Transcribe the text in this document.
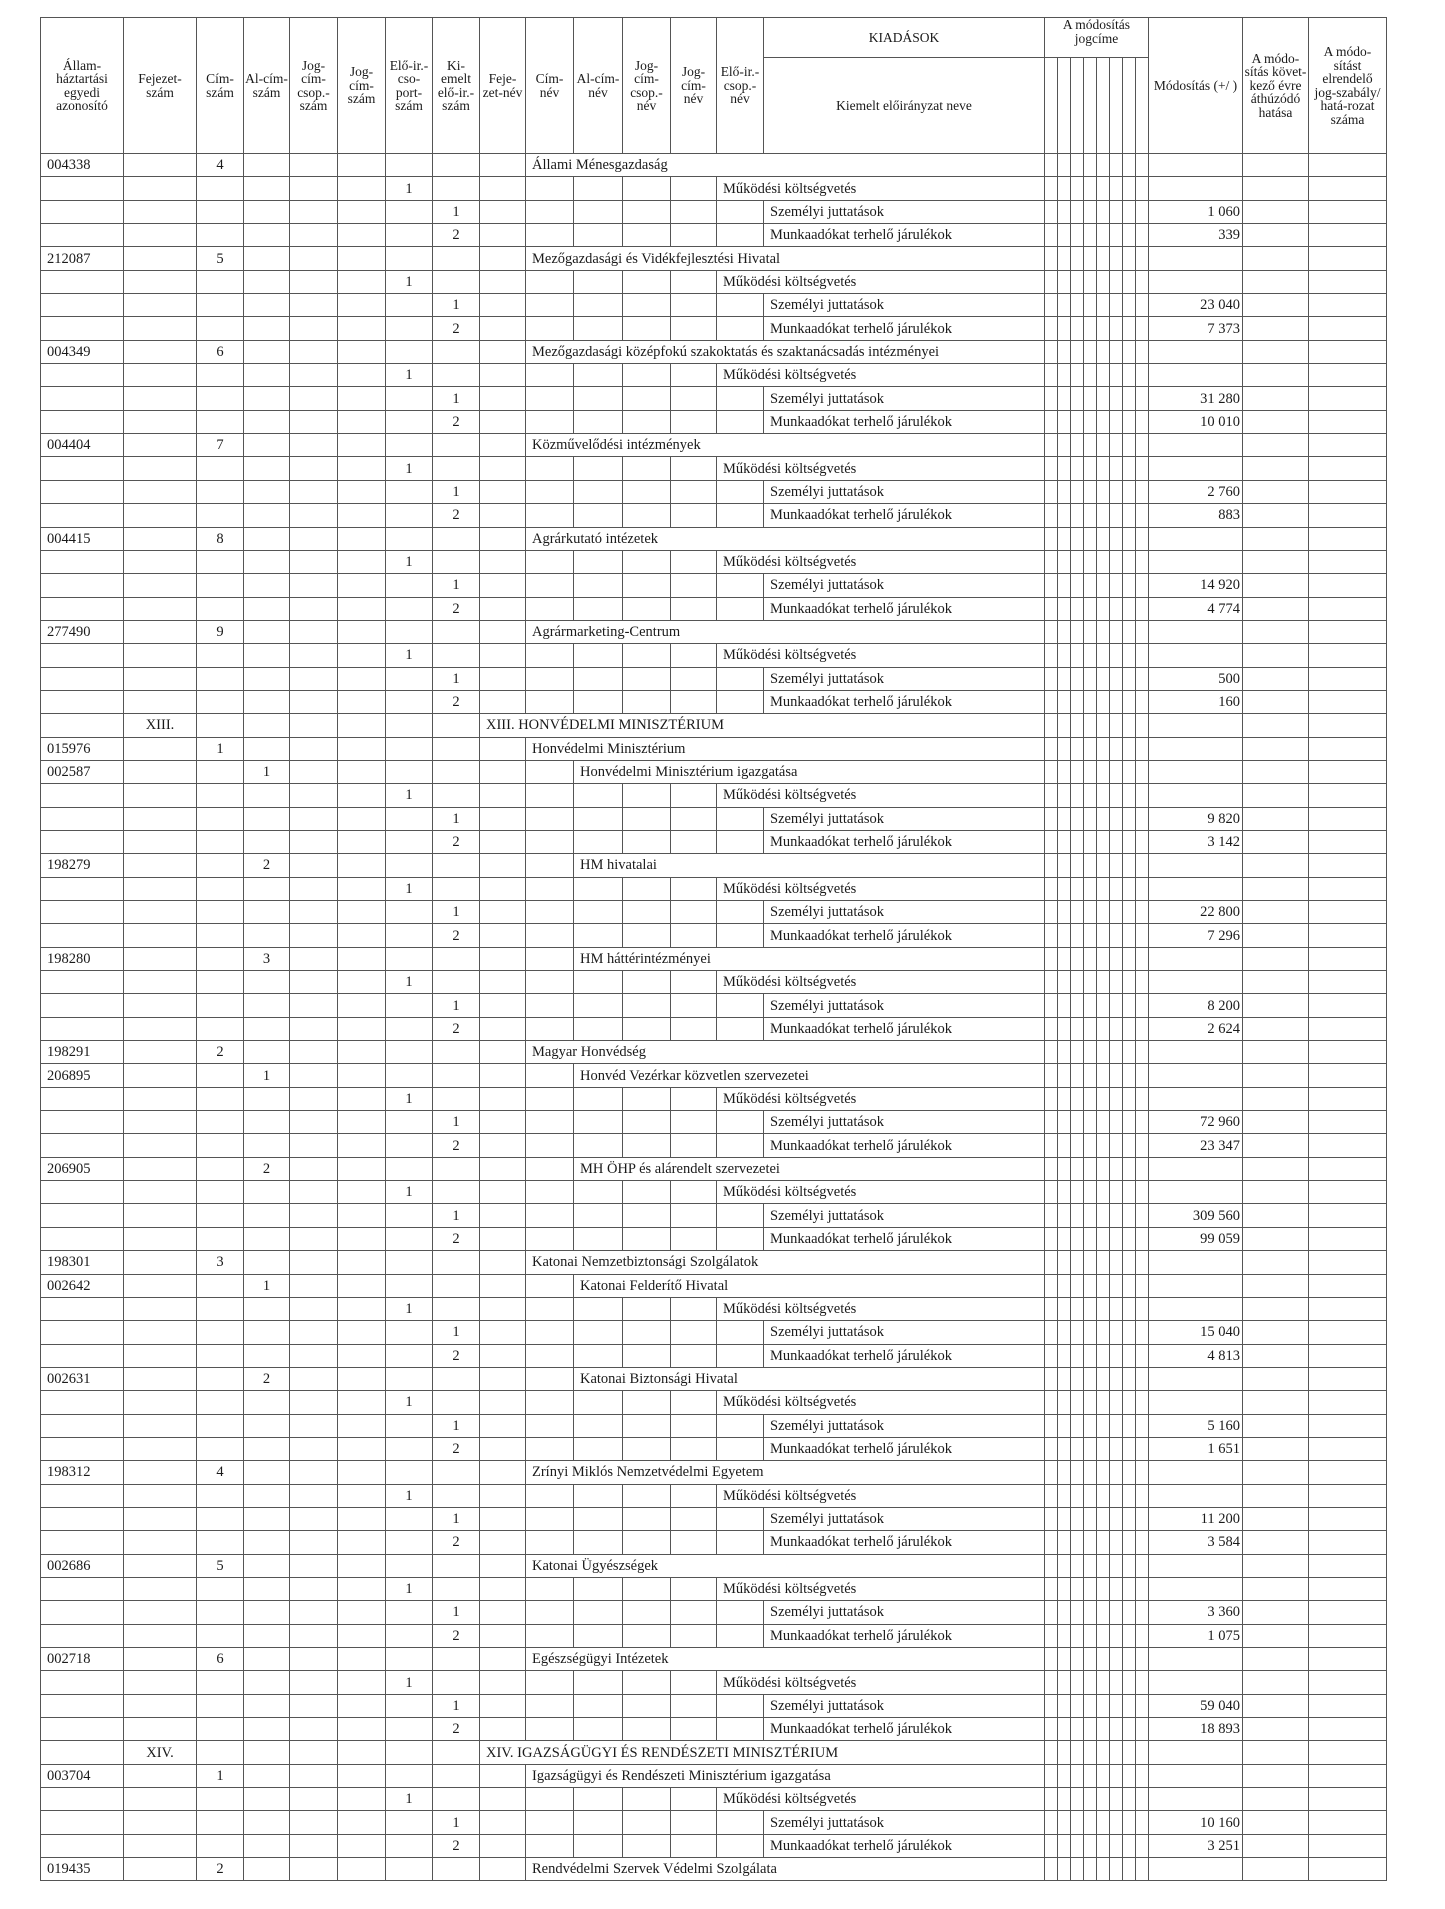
Állam-háztartási egyedi azonosító	Fejezet-szám	Cím-szám	Al-cím-szám	Jog-cím-csop.-szám	Jog-cím-szám	Elő-ir.-cso-port-szám	Ki-emelt elő-ir.-szám	Feje-zet-név	Cím-név	Al-cím-név	Jog-cím-csop.-név	Jog-cím-név	Elő-ir.-csop.-név	KIADÁSOK	A módosítás jogcíme								Módosítás (+/ )	A módo-sítás követ-kező évre áthúzódó hatása	A módo-sítást elrendelő jog-szabály/ hatá-rozat száma
														Kiemelt előirányzat neve											
004338		4							Állami Ménesgazdaság																
						1							Működési költségvetés												
							1							Személyi juttatások									1 060		
							2							Munkaadókat terhelő járulékok									339		
212087		5							Mezőgazdasági és Vidékfejlesztési Hivatal																
						1							Működési költségvetés												
							1							Személyi juttatások									23 040		
							2							Munkaadókat terhelő járulékok									7 373		
004349		6							Mezőgazdasági középfokú szakoktatás és szaktanácsadás intézményei																
						1							Működési költségvetés												
							1							Személyi juttatások									31 280		
							2							Munkaadókat terhelő járulékok									10 010		
004404		7							Közművelődési intézmények																
						1							Működési költségvetés												
							1							Személyi juttatások									2 760		
							2							Munkaadókat terhelő járulékok									883		
004415		8							Agrárkutató intézetek																
						1							Működési költségvetés												
							1							Személyi juttatások									14 920		
							2							Munkaadókat terhelő járulékok									4 774		
277490		9							Agrármarketing-Centrum																
						1							Működési költségvetés												
							1							Személyi juttatások									500		
							2							Munkaadókat terhelő járulékok									160		
	XIII.							XIII. HONVÉDELMI MINISZTÉRIUM																	
015976		1							Honvédelmi Minisztérium																
002587			1							Honvédelmi Minisztérium igazgatása															
						1							Működési költségvetés												
							1							Személyi juttatások									9 820		
							2							Munkaadókat terhelő járulékok									3 142		
198279			2							HM hivatalai															
						1							Működési költségvetés												
							1							Személyi juttatások									22 800		
							2							Munkaadókat terhelő járulékok									7 296		
198280			3							HM háttérintézményei															
						1							Működési költségvetés												
							1							Személyi juttatások									8 200		
							2							Munkaadókat terhelő járulékok									2 624		
198291		2							Magyar Honvédség																
206895			1							Honvéd Vezérkar közvetlen szervezetei															
						1							Működési költségvetés												
							1							Személyi juttatások									72 960		
							2							Munkaadókat terhelő járulékok									23 347		
206905			2							MH ÖHP és alárendelt szervezetei															
						1							Működési költségvetés												
							1							Személyi juttatások									309 560		
							2							Munkaadókat terhelő járulékok									99 059		
198301		3							Katonai Nemzetbiztonsági Szolgálatok																
002642			1							Katonai Felderítő Hivatal															
						1							Működési költségvetés												
							1							Személyi juttatások									15 040		
							2							Munkaadókat terhelő járulékok									4 813		
002631			2							Katonai Biztonsági Hivatal															
						1							Működési költségvetés												
							1							Személyi juttatások									5 160		
							2							Munkaadókat terhelő járulékok									1 651		
198312		4							Zrínyi Miklós Nemzetvédelmi Egyetem																
						1							Működési költségvetés												
							1							Személyi juttatások									11 200		
							2							Munkaadókat terhelő járulékok									3 584		
002686		5							Katonai Ügyészségek																
						1							Működési költségvetés												
							1							Személyi juttatások									3 360		
							2							Munkaadókat terhelő járulékok									1 075		
002718		6							Egészségügyi Intézetek																
						1							Működési költségvetés												
							1							Személyi juttatások									59 040		
							2							Munkaadókat terhelő járulékok									18 893		
	XIV.							XIV. IGAZSÁGÜGYI ÉS RENDÉSZETI MINISZTÉRIUM																	
003704		1							Igazságügyi és Rendészeti Minisztérium igazgatása																
						1							Működési költségvetés												
							1							Személyi juttatások									10 160		
							2							Munkaadókat terhelő járulékok									3 251		
019435		2							Rendvédelmi Szervek Védelmi Szolgálata																
